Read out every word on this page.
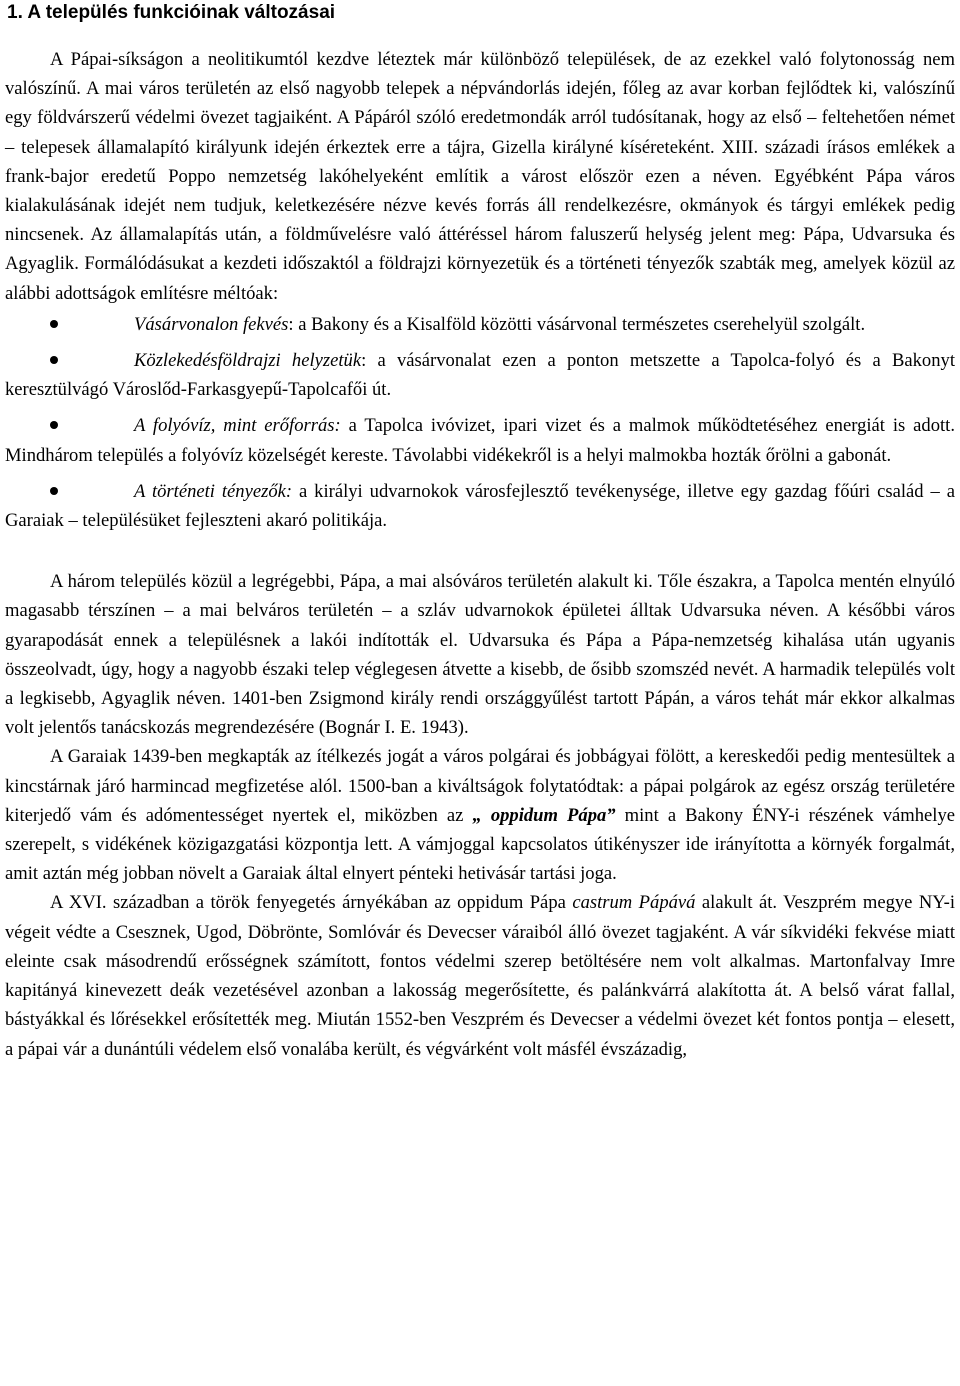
1. A település funkcióinak változásai

A Pápai-síkságon a neolitikumtól kezdve léteztek már különböző települések, de az ezekkel való folytonosság nem valószínű. A mai város területén az első nagyobb telepek a népvándorlás idején, főleg az avar korban fejlődtek ki, valószínű egy földvárszerű védelmi övezet tagjaiként. A Pápáról szóló eredetmondák arról tudósítanak, hogy az első – feltehetően német – telepesek államalapító királyunk idején érkeztek erre a tájra, Gizella királyné kíséreteként. XIII. századi írásos emlékek a frank-bajor eredetű Poppo nemzetség lakóhelyeként említik a várost először ezen a néven. Egyébként Pápa város kialakulásának idejét nem tudjuk, keletkezésére nézve kevés forrás áll rendelkezésre, okmányok és tárgyi emlékek pedig nincsenek. Az államalapítás után, a földművelésre való áttéréssel három faluszerű helység jelent meg: Pápa, Udvarsuka és Agyaglik. Formálódásukat a kezdeti időszaktól a földrajzi környezetük és a történeti tényezők szabták meg, amelyek közül az alábbi adottságok említésre méltóak:

Vásárvonalon fekvés: a Bakony és a Kisalföld közötti vásárvonal természetes cserehelyül szolgált.

Közlekedésföldrajzi helyzetük: a vásárvonalat ezen a ponton metszette a Tapolca-folyó és a Bakonyt keresztülvágó Városlőd-Farkasgyepű-Tapolcafői út.

A folyóvíz, mint erőforrás: a Tapolca ivóvizet, ipari vizet és a malmok működtetéséhez energiát is adott. Mindhárom település a folyóvíz közelségét kereste. Távolabbi vidékekről is a helyi malmokba hozták őrölni a gabonát.

A történeti tényezők: a királyi udvarnokok városfejlesztő tevékenysége, illetve egy gazdag főúri család – a Garaiak – településüket fejleszteni akaró politikája.

A három település közül a legrégebbi, Pápa, a mai alsóváros területén alakult ki. Tőle északra, a Tapolca mentén elnyúló magasabb térszínen – a mai belváros területén – a szláv udvarnokok épületei álltak Udvarsuka néven. A későbbi város gyarapodását ennek a településnek a lakói indították el. Udvarsuka és Pápa a Pápa-nemzetség kihalása után ugyanis összeolvadt, úgy, hogy a nagyobb északi telep véglegesen átvette a kisebb, de ősibb szomszéd nevét. A harmadik település volt a legkisebb, Agyaglik néven. 1401-ben Zsigmond király rendi országgyűlést tartott Pápán, a város tehát már ekkor alkalmas volt jelentős tanácskozás megrendezésére (Bognár I. E. 1943).

A Garaiak 1439-ben megkapták az ítélkezés jogát a város polgárai és jobbágyai fölött, a kereskedői pedig mentesültek a kincstárnak járó harmincad megfizetése alól. 1500-ban a kiváltságok folytatódtak: a pápai polgárok az egész ország területére kiterjedő vám és adómentességet nyertek el, miközben az „ oppidum Pápa” mint a Bakony ÉNY-i részének vámhelye szerepelt, s vidékének közigazgatási központja lett. A vámjoggal kapcsolatos útikényszer ide irányította a környék forgalmát, amit aztán még jobban növelt a Garaiak által elnyert pénteki hetivásár tartási joga.

A XVI. században a török fenyegetés árnyékában az oppidum Pápa castrum Pápává alakult át. Veszprém megye NY-i végeit védte a Csesznek, Ugod, Döbrönte, Somlóvár és Devecser váraiból álló övezet tagjaként. A vár síkvidéki fekvése miatt eleinte csak másodrendű erősségnek számított, fontos védelmi szerep betöltésére nem volt alkalmas. Martonfalvay Imre kapitányá kinevezett deák vezetésével azonban a lakosság megerősítette, és palánkvárrá alakította át. A belső várat fallal, bástyákkal és lőrésekkel erősítették meg. Miután 1552-ben Veszprém és Devecser a védelmi övezet két fontos pontja – elesett, a pápai vár a dunántúli védelem első vonalába került, és végvárként volt másfél évszázadig,
